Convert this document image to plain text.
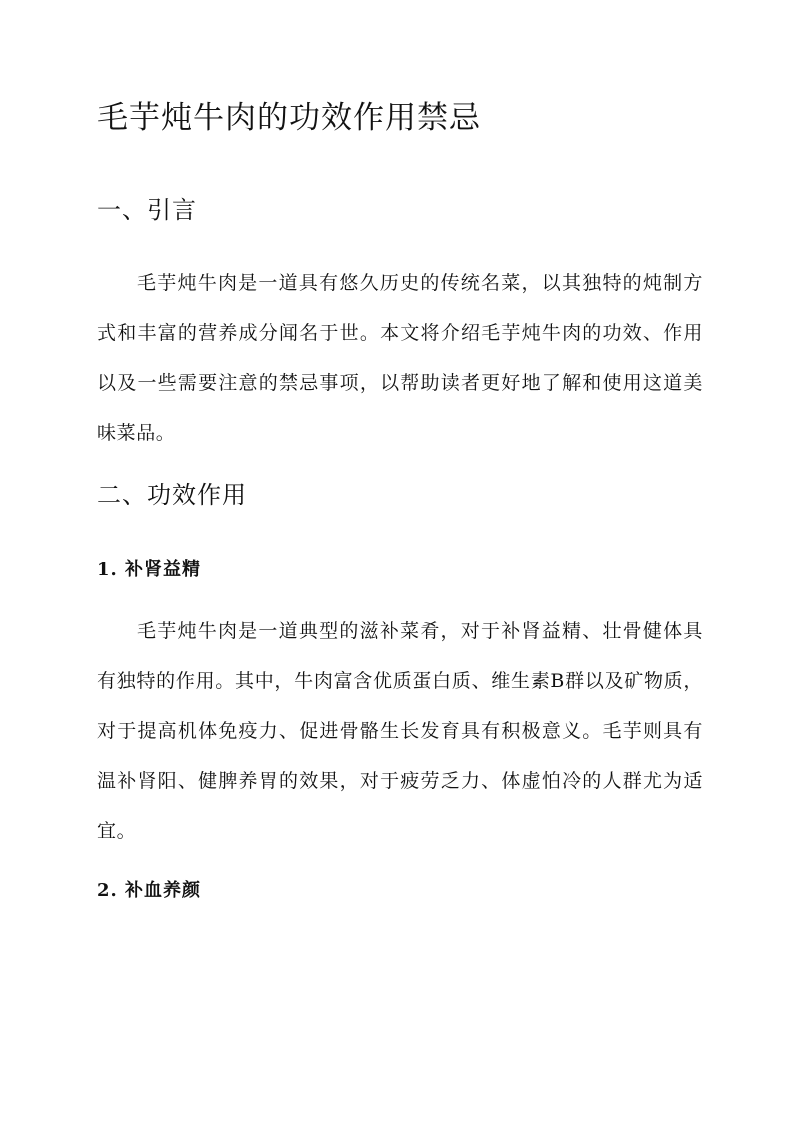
毛芋炖牛肉的功效作用禁忌
一、引言

毛芋炖牛肉是一道具有悠久历史的传统名菜，以其独特的炖制方式和丰富的营养成分闻名于世。本文将介绍毛芋炖牛肉的功效、作用以及一些需要注意的禁忌事项，以帮助读者更好地了解和使用这道美味菜品。

二、功效作用
1. 补肾益精

毛芋炖牛肉是一道典型的滋补菜肴，对于补肾益精、壮骨健体具有独特的作用。其中，牛肉富含优质蛋白质、维生素B群以及矿物质，对于提高机体免疫力、促进骨骼生长发育具有积极意义。毛芋则具有温补肾阳、健脾养胃的效果，对于疲劳乏力、体虚怕冷的人群尤为适宜。

2. 补血养颜
